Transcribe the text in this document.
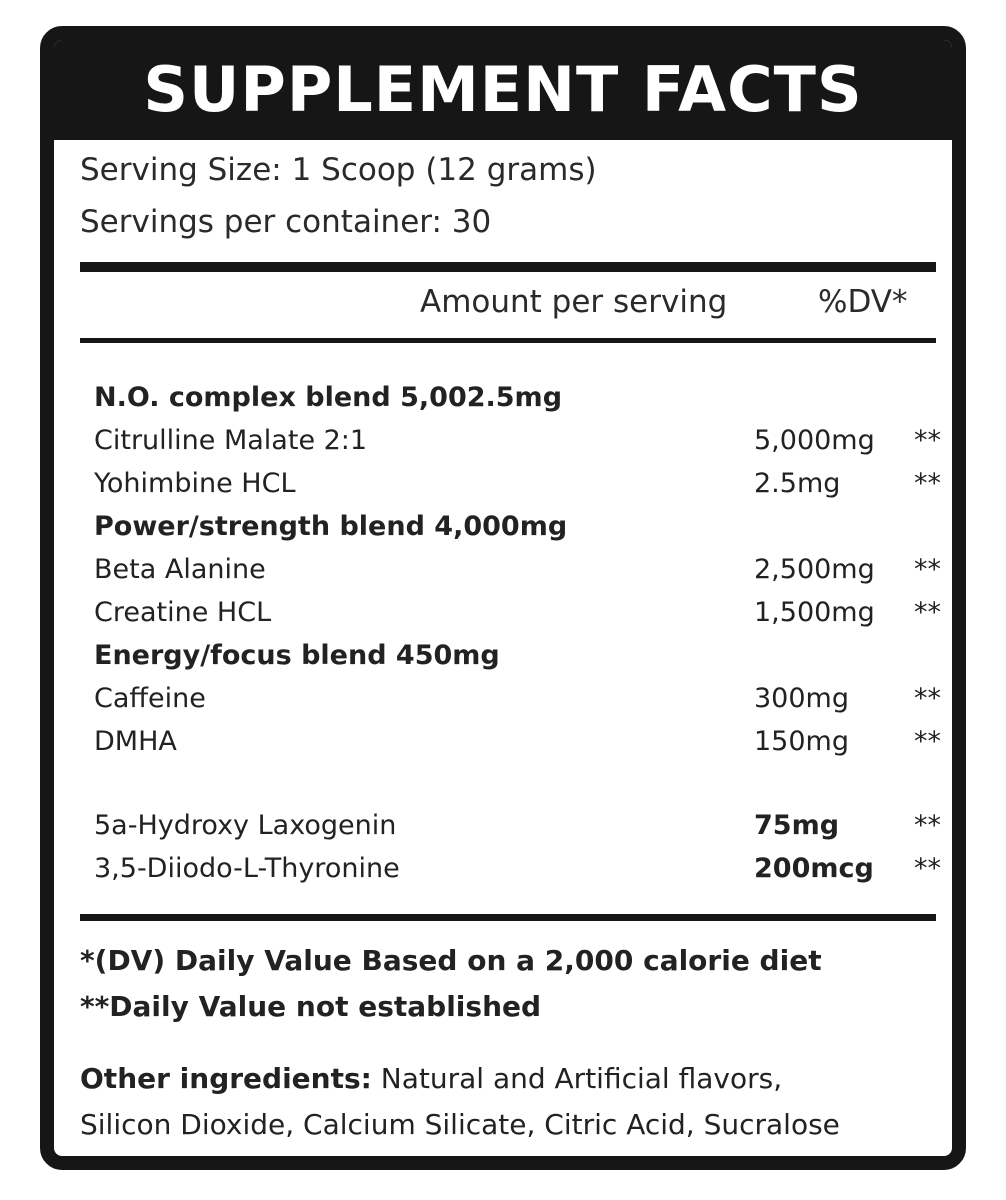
SUPPLEMENT FACTS
Serving Size: 1 Scoop (12 grams)
Servings per container: 30
Amount per serving	%DV*
N.O. complex blend 5,002.5mg
Citrulline Malate 2:1	5,000mg **
Yohimbine HCL	2.5mg	**
Power/strength blend 4,000mg
Beta Alanine	2,500mg **
Creatine HCL	1,500mg **
Energy/focus blend 450mg
Caffeine	300mg **
DMHA	150mg **
5a-Hydroxy Laxogenin	75mg	**
3,5-Diiodo-L-Thyronine	200mcg **
*(DV) Daily Value Based on a 2,000 calorie diet
**Daily Value not established
Other ingredients: Natural and Artificial flavors,
Silicon Dioxide, Calcium Silicate, Citric Acid, Sucralose
